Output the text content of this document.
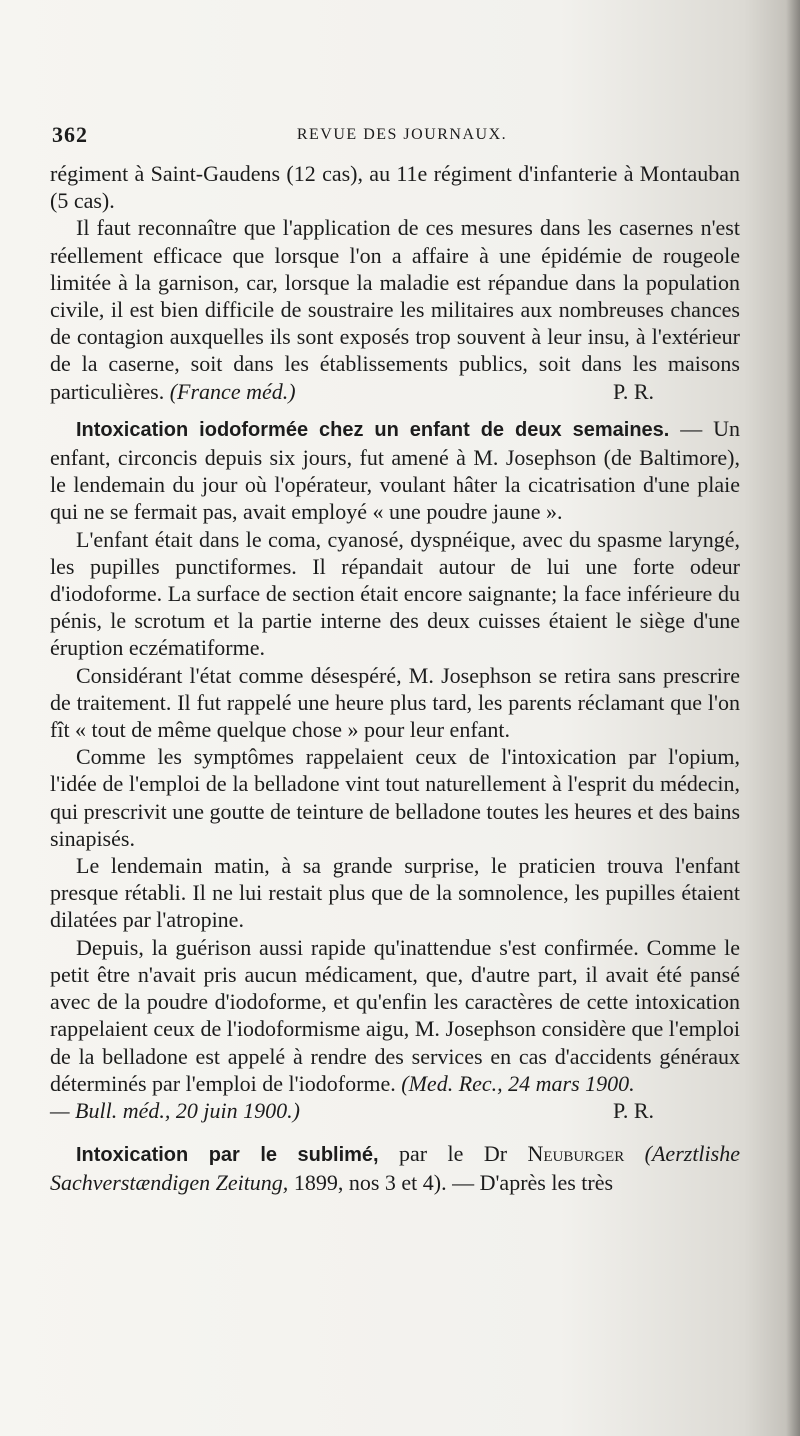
362	REVUE DES JOURNAUX.

régiment à Saint-Gaudens (12 cas), au 11e régiment d'infanterie à Montauban (5 cas).

Il faut reconnaître que l'application de ces mesures dans les casernes n'est réellement efficace que lorsque l'on a affaire à une épidémie de rougeole limitée à la garnison, car, lorsque la maladie est répandue dans la population civile, il est bien difficile de soustraire les militaires aux nombreuses chances de contagion auxquelles ils sont exposés trop souvent à leur insu, à l'extérieur de la caserne, soit dans les établissements publics, soit dans les maisons particulières. (France méd.)	P. R.

Intoxication iodoformée chez un enfant de deux semaines. — Un enfant, circoncis depuis six jours, fut amené à M. Josephson (de Baltimore), le lendemain du jour où l'opérateur, voulant hâter la cicatrisation d'une plaie qui ne se fermait pas, avait employé « une poudre jaune ».

L'enfant était dans le coma, cyanosé, dyspnéique, avec du spasme laryngé, les pupilles punctiformes. Il répandait autour de lui une forte odeur d'iodoforme. La surface de section était encore saignante; la face inférieure du pénis, le scrotum et la partie interne des deux cuisses étaient le siège d'une éruption eczématiforme.

Considérant l'état comme désespéré, M. Josephson se retira sans prescrire de traitement. Il fut rappelé une heure plus tard, les parents réclamant que l'on fît « tout de même quelque chose » pour leur enfant.

Comme les symptômes rappelaient ceux de l'intoxication par l'opium, l'idée de l'emploi de la belladone vint tout naturellement à l'esprit du médecin, qui prescrivit une goutte de teinture de belladone toutes les heures et des bains sinapisés.

Le lendemain matin, à sa grande surprise, le praticien trouva l'enfant presque rétabli. Il ne lui restait plus que de la somnolence, les pupilles étaient dilatées par l'atropine.

Depuis, la guérison aussi rapide qu'inattendue s'est confirmée. Comme le petit être n'avait pris aucun médicament, que, d'autre part, il avait été pansé avec de la poudre d'iodoforme, et qu'enfin les caractères de cette intoxication rappelaient ceux de l'iodoformisme aigu, M. Josephson considère que l'emploi de la belladone est appelé à rendre des services en cas d'accidents généraux déterminés par l'emploi de l'iodoforme. (Med. Rec., 24 mars 1900.

— Bull. méd., 20 juin 1900.)	P. R.

Intoxication par le sublimé, par le Dr Neuburger (Aerztlishe Sachverstændigen Zeitung, 1899, nos 3 et 4). — D'après les très
